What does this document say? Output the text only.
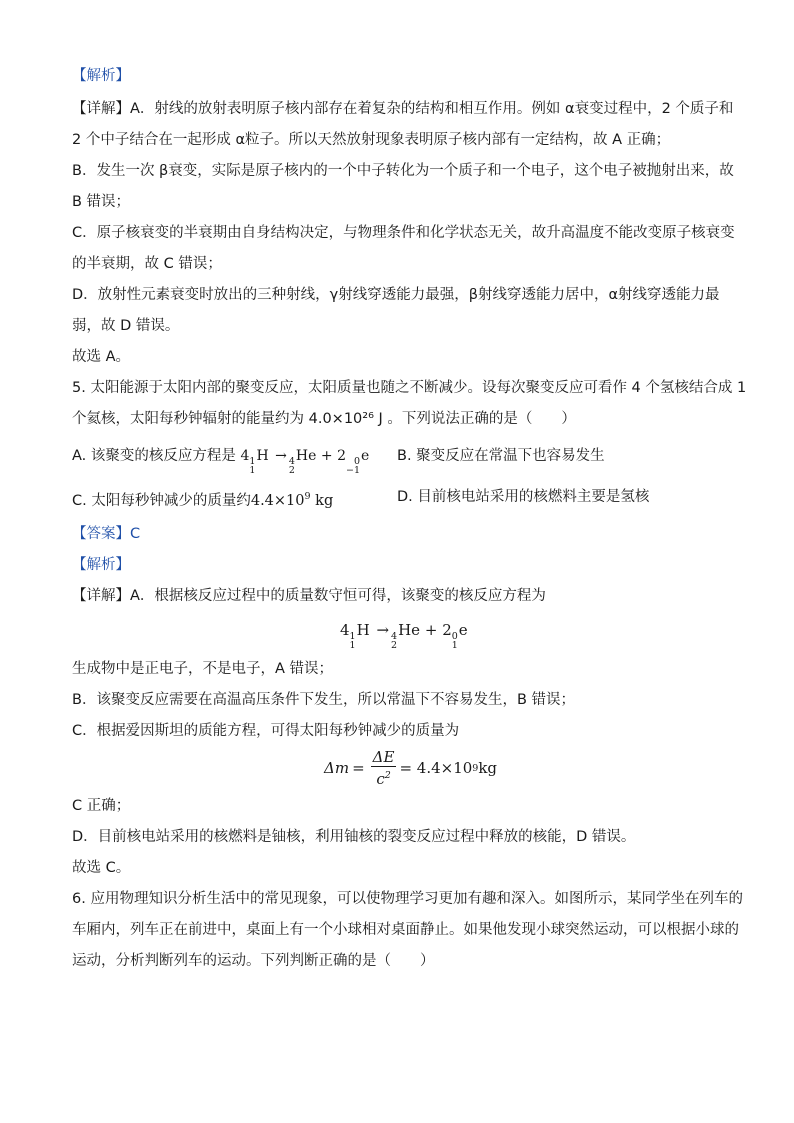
【解析】
【详解】A．射线的放射表明原子核内部存在着复杂的结构和相互作用。例如 α衰变过程中，2 个质子和
2 个中子结合在一起形成 α粒子。所以天然放射现象表明原子核内部有一定结构，故 A 正确；
B．发生一次 β衰变，实际是原子核内的一个中子转化为一个质子和一个电子，这个电子被抛射出来，故
B 错误；
C．原子核衰变的半衰期由自身结构决定，与物理条件和化学状态无关，故升高温度不能改变原子核衰变
的半衰期，故 C 错误；
D．放射性元素衰变时放出的三种射线，γ射线穿透能力最强，β射线穿透能力居中，α射线穿透能力最
弱，故 D 错误。
故选 A。
5. 太阳能源于太阳内部的聚变反应，太阳质量也随之不断减少。设每次聚变反应可看作 4 个氢核结合成 1
个氦核，太阳每秒钟辐射的能量约为 4.0×10²⁶ J 。下列说法正确的是（　　）
A. 该聚变的核反应方程是 4 1
1
H → 4
2
He + 2 0
−1
e B. 聚变反应在常温下也容易发生
C. 太阳每秒钟减少的质量约$4.4\times 10^9$ kg	D. 目前核电站采用的核燃料主要是氢核
【答案】C
【解析】
【详解】A．根据核反应过程中的质量数守恒可得，该聚变的核反应方程为
4 1
1
H → 4
2
He + 2 0
1
e
生成物中是正电子，不是电子，A 错误；
B．该聚变反应需要在高温高压条件下发生，所以常温下不容易发生，B 错误；
C．根据爱因斯坦的质能方程，可得太阳每秒钟减少的质量为
$\Delta m = \frac{\Delta E}{c^2} = 4.4\times 10$ 9 kg
C 正确；
D．目前核电站采用的核燃料是铀核，利用铀核的裂变反应过程中释放的核能，D 错误。
故选 C。
6. 应用物理知识分析生活中的常见现象，可以使物理学习更加有趣和深入。如图所示，某同学坐在列车的
车厢内，列车正在前进中，桌面上有一个小球相对桌面静止。如果他发现小球突然运动，可以根据小球的
运动，分析判断列车的运动。下列判断正确的是（　　）
